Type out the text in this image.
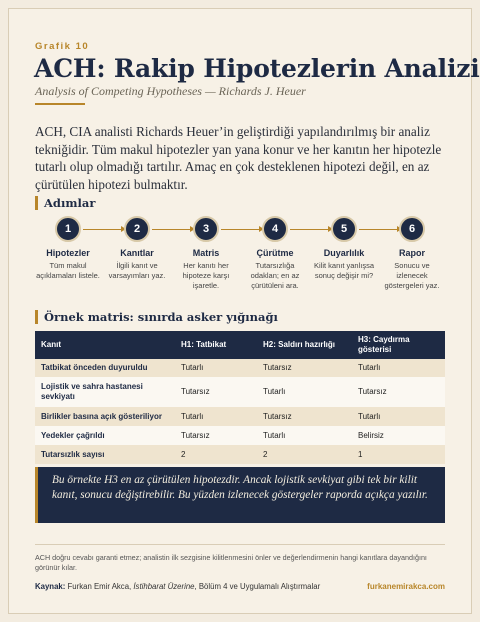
Grafik 10
ACH: Rakip Hipotezlerin Analizi
Analysis of Competing Hypotheses — Richards J. Heuer
ACH, CIA analisti Richards Heuer’in geliştirdiği yapılandırılmış bir analiz tekniğidir. Tüm makul hipotezler yan yana konur ve her kanıtın her hipotezle tutarlı olup olmadığı tartılır. Amaç en çok desteklenen hipotezi değil, en az çürütülen hipotezi bulmaktır.
Adımlar
1
Hipotezler
Tüm makul açıklamaları listele.
2
Kanıtlar
İlgili kanıt ve varsayımları yaz.
3
Matris
Her kanıtı her hipoteze karşı işaretle.
4
Çürütme
Tutarsızlığa odaklan; en az çürütüleni ara.
5
Duyarlılık
Kilit kanıt yanlışsa sonuç değişir mi?
6
Rapor
Sonucu ve izlenecek göstergeleri yaz.
Örnek matris: sınırda asker yığınağı
Kanıt	H1: Tatbikat	H2: Saldırı hazırlığı	H3: Caydırma gösterisi
Tatbikat önceden duyuruldu	Tutarlı	Tutarsız	Tutarlı
Lojistik ve sahra hastanesi sevkiyatı	Tutarsız	Tutarlı	Tutarsız
Birlikler basına açık gösteriliyor	Tutarlı	Tutarsız	Tutarlı
Yedekler çağrıldı	Tutarsız	Tutarlı	Belirsiz
Tutarsızlık sayısı	2	2	1
Bu örnekte H3 en az çürütülen hipotezdir. Ancak lojistik sevkiyat gibi tek bir kilit kanıt, sonucu değiştirebilir. Bu yüzden izlenecek göstergeler raporda açıkça yazılır.
ACH doğru cevabı garanti etmez; analistin ilk sezgisine kilitlenmesini önler ve değerlendirmenin hangi kanıtlara dayandığını görünür kılar.
Kaynak: Furkan Emir Akca, İstihbarat Üzerine, Bölüm 4 ve Uygulamalı Alıştırmalar	furkanemirakca.com
